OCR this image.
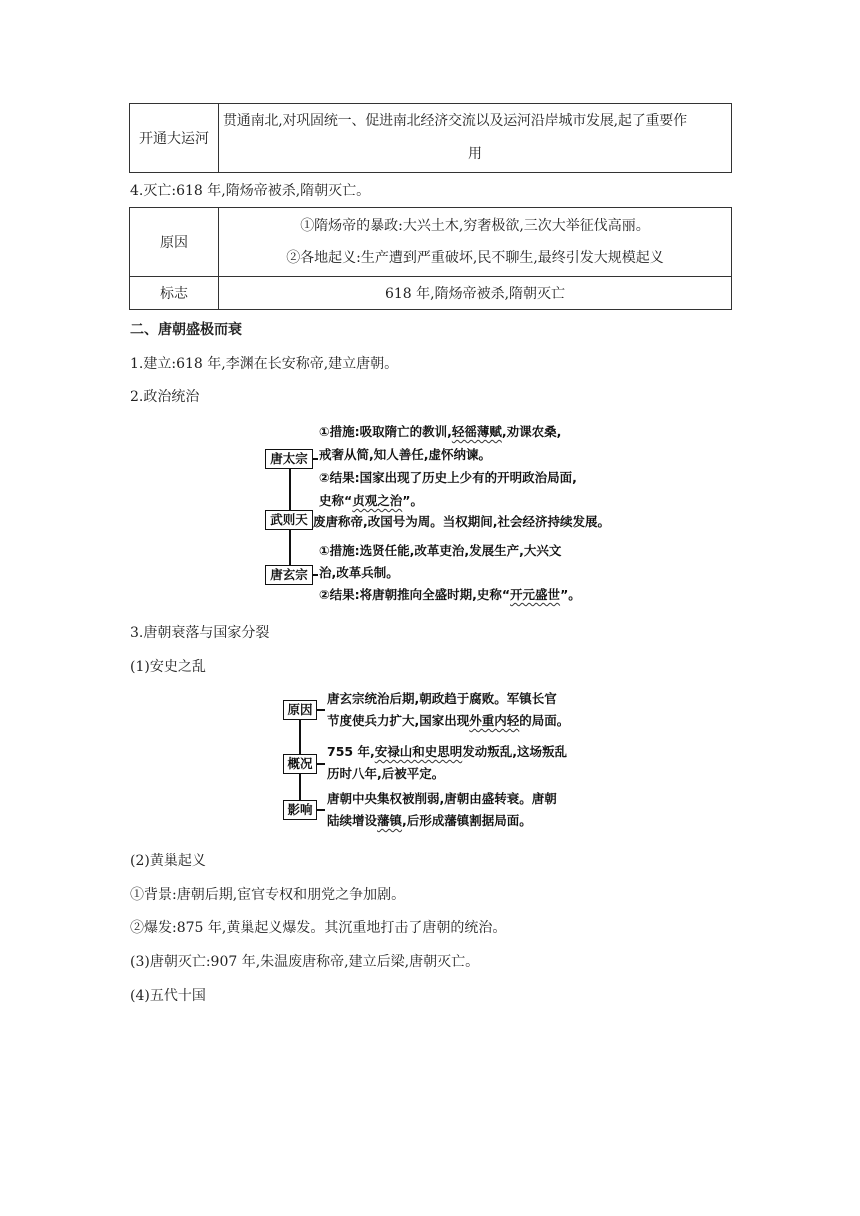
开通大运河	
贯通南北,对巩固统一、促进南北经济交流以及运河沿岸城市发展,起了重要作
用
4.灭亡:618 年,隋炀帝被杀,隋朝灭亡。
原因	①隋炀帝的暴政:大兴土木,穷奢极欲,三次大举征伐高丽。
②各地起义:生产遭到严重破坏,民不聊生,最终引发大规模起义

标志	618 年,隋炀帝被杀,隋朝灭亡
二、唐朝盛极而衰
1.建立:618 年,李渊在长安称帝,建立唐朝。
2.政治统治
唐太宗
①措施:吸取隋亡的教训,轻徭薄赋,劝课农桑,
戒奢从简,知人善任,虚怀纳谏。
②结果:国家出现了历史上少有的开明政治局面,
史称“贞观之治”。
武则天 废唐称帝,改国号为周。当权期间,社会经济持续发展。
唐玄宗
①措施:选贤任能,改革吏治,发展生产,大兴文
治,改革兵制。
②结果:将唐朝推向全盛时期,史称“开元盛世”。
3.唐朝衰落与国家分裂
(1)安史之乱
原因
唐玄宗统治后期,朝政趋于腐败。军镇长官
节度使兵力扩大,国家出现外重内轻的局面。
概况
755 年,安禄山和史思明发动叛乱,这场叛乱
历时八年,后被平定。
影响
唐朝中央集权被削弱,唐朝由盛转衰。唐朝
陆续增设藩镇,后形成藩镇割据局面。
(2)黄巢起义
①背景:唐朝后期,宦官专权和朋党之争加剧。
②爆发:875 年,黄巢起义爆发。其沉重地打击了唐朝的统治。
(3)唐朝灭亡:907 年,朱温废唐称帝,建立后梁,唐朝灭亡。
(4)五代十国
